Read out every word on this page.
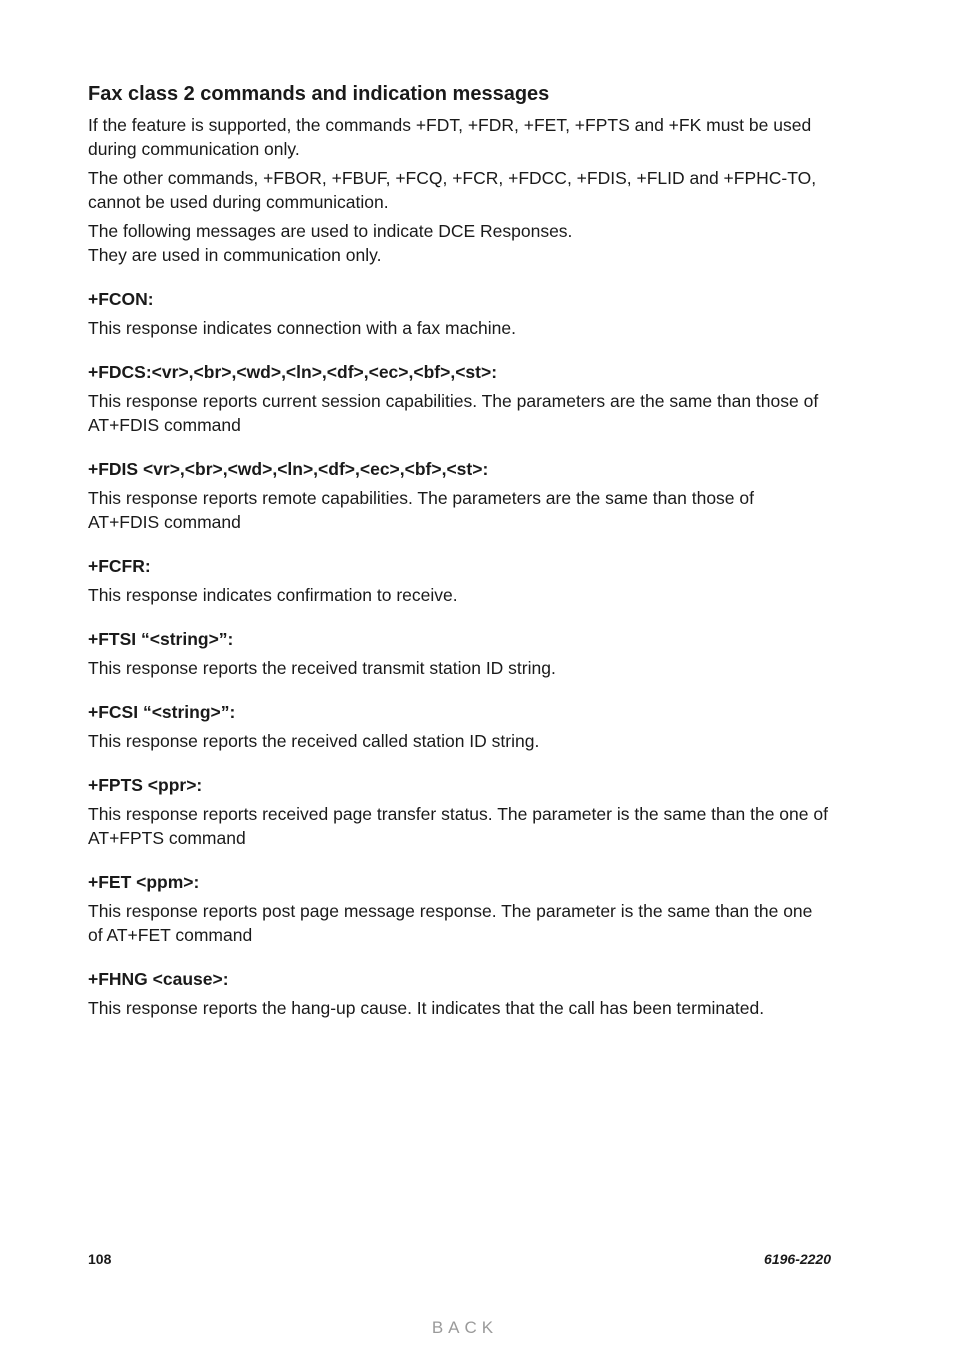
Fax class 2 commands and indication messages

If the feature is supported, the commands +FDT, +FDR, +FET, +FPTS and +FK must be used during communication only.

The other commands, +FBOR, +FBUF, +FCQ, +FCR, +FDCC, +FDIS, +FLID and +FPHC-TO, cannot be used during communication.

The following messages are used to indicate DCE Responses.

They are used in communication only.

+FCON:
This response indicates connection with a fax machine.
+FDCS:<vr>,<br>,<wd>,<ln>,<df>,<ec>,<bf>,<st>:
This response reports current session capabilities. The parameters are the same than those of AT+FDIS command
+FDIS <vr>,<br>,<wd>,<ln>,<df>,<ec>,<bf>,<st>:
This response reports remote capabilities. The parameters are the same than those of AT+FDIS command
+FCFR:
This response indicates confirmation to receive.
+FTSI “<string>”:
This response reports the received transmit station ID string.
+FCSI “<string>”:
This response reports the received called station ID string.
+FPTS <ppr>:
This response reports received page transfer status. The parameter is the same than the one of AT+FPTS command
+FET <ppm>:
This response reports post page message response. The parameter is the same than the one of AT+FET command
+FHNG <cause>:
This response reports the hang-up cause. It indicates that the call has been terminated.
108	6196-2220
BACK
